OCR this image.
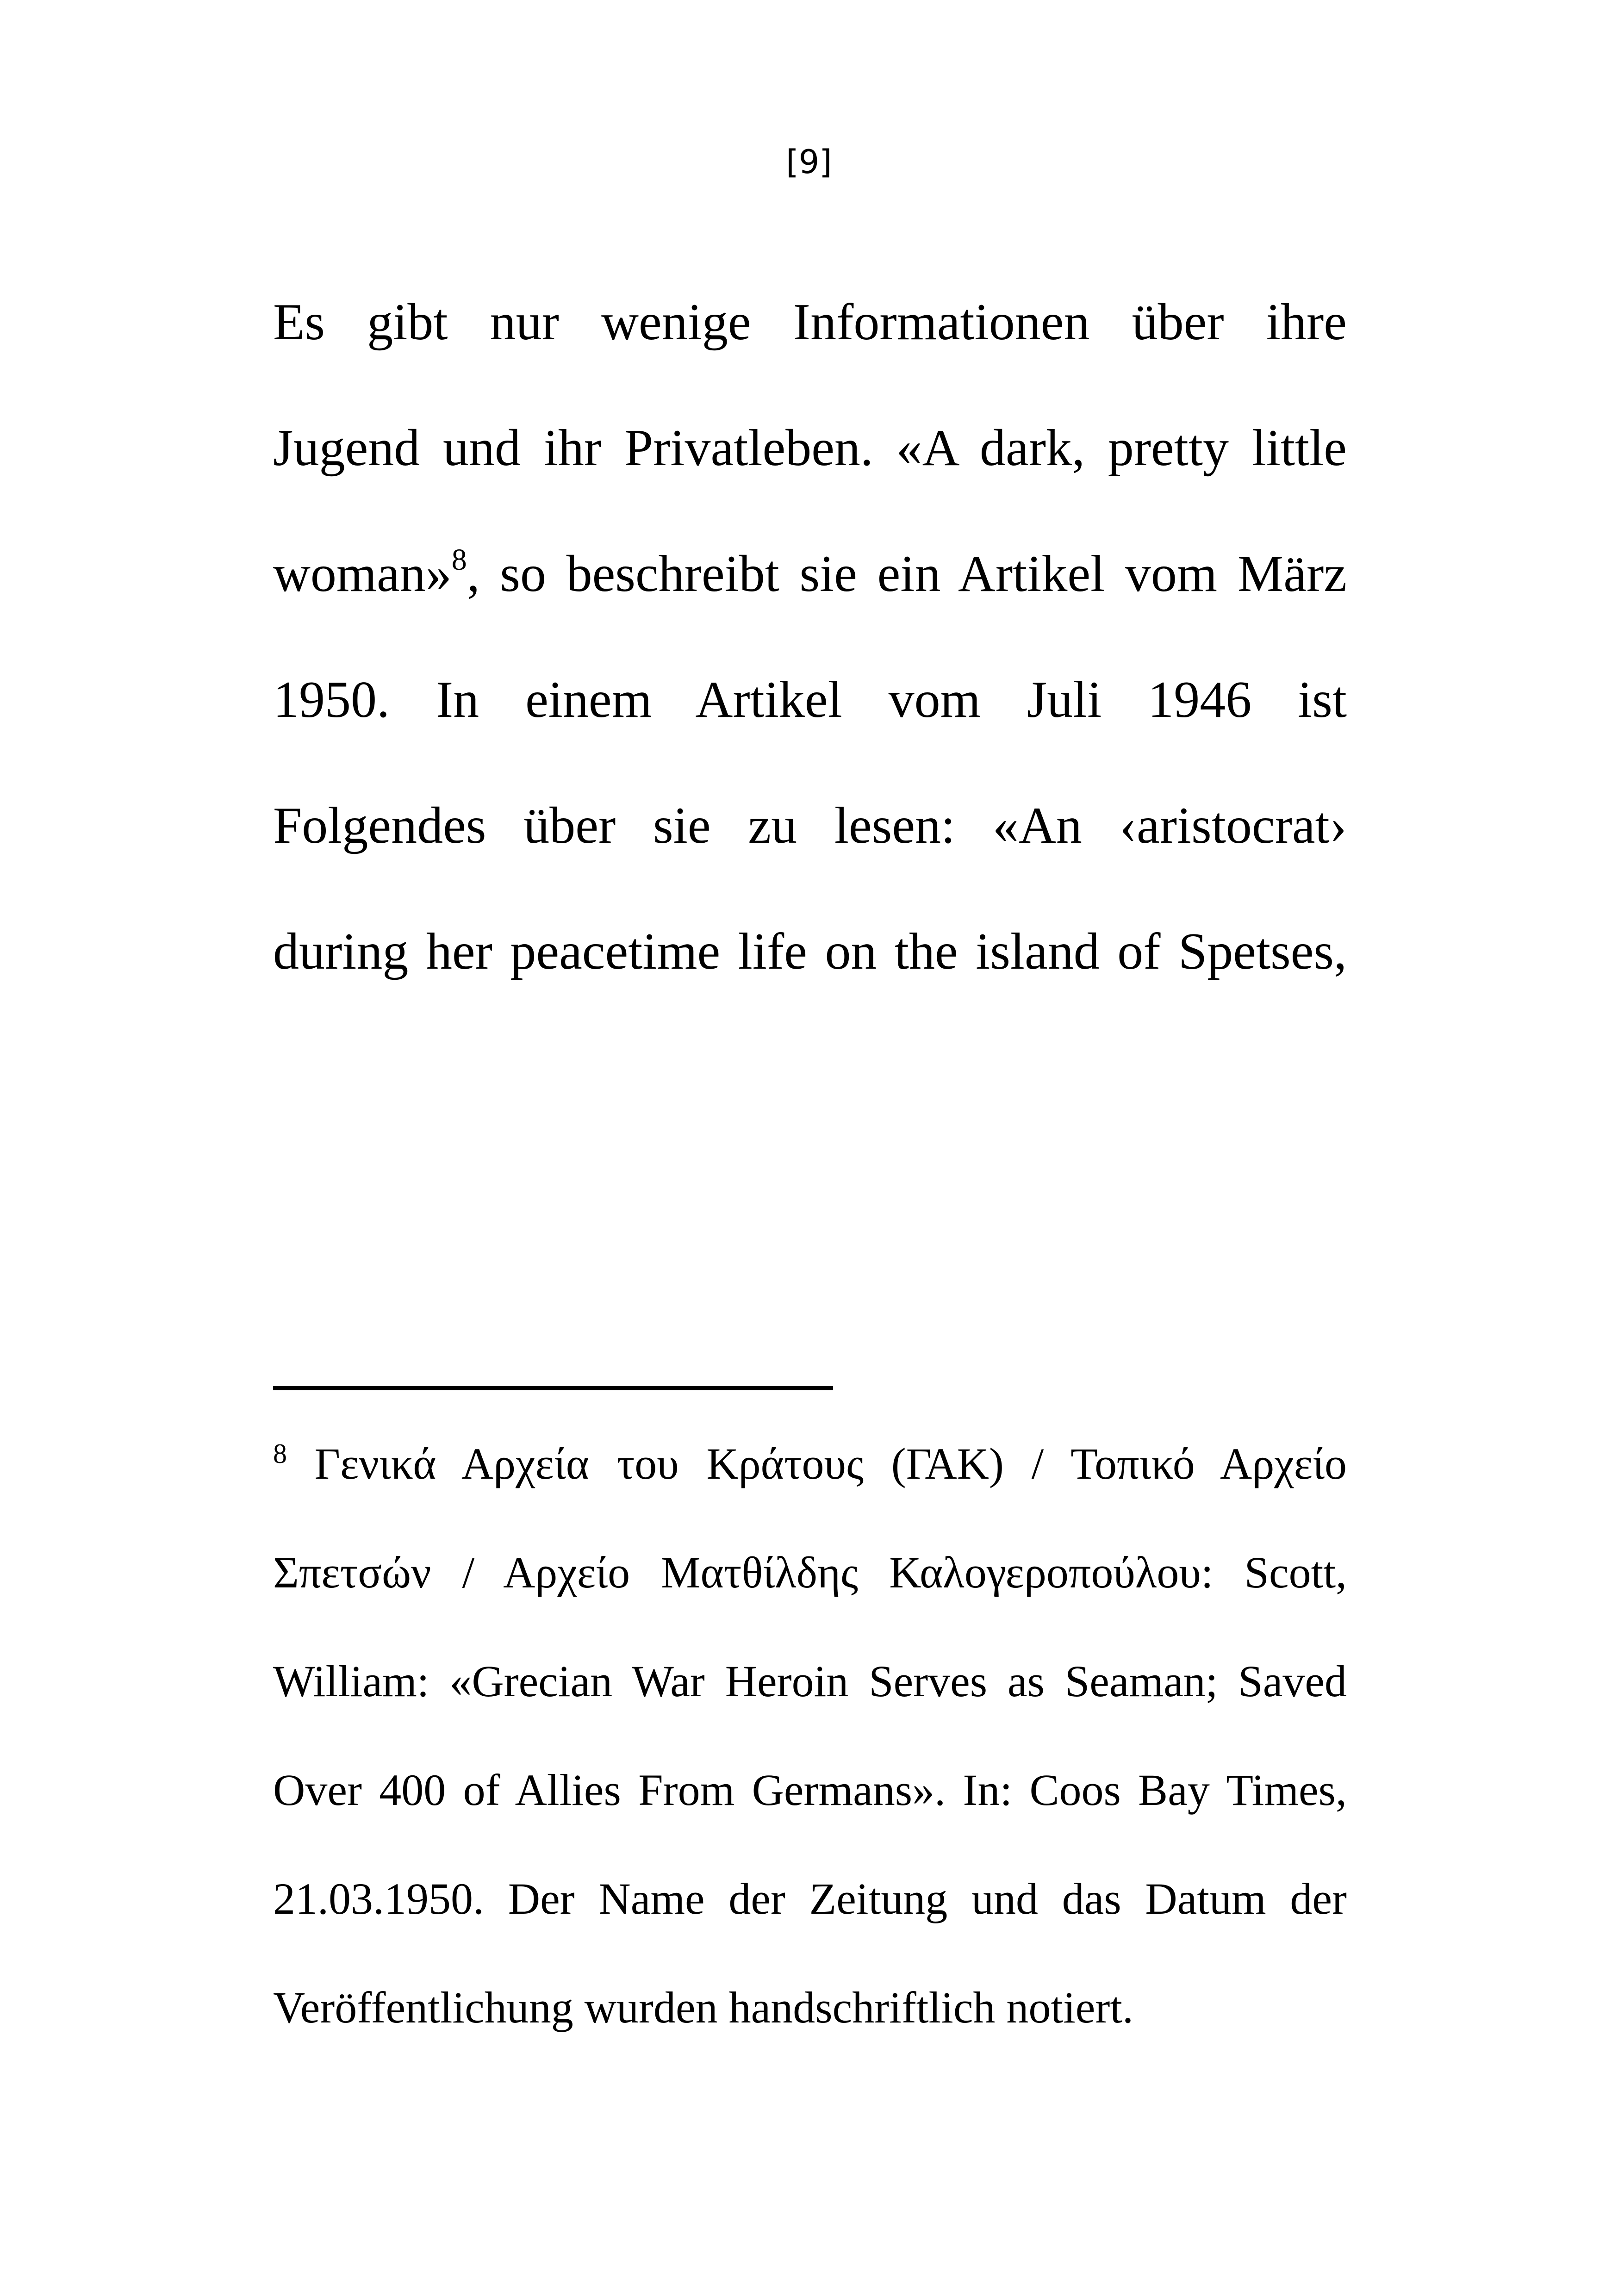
[9]
Es gibt nur wenige Informationen über ihre
Jugend und ihr Privatleben. «A dark, pretty little
woman»$^8$, so beschreibt sie ein Artikel vom März
1950. In einem Artikel vom Juli 1946 ist
Folgendes über sie zu lesen: «An ‹aristocrat›
during her peacetime life on the island of Spetses,
$^8$ Γενικά Αρχεία του Κράτους (ΓΑΚ) / Τοπικό Αρχείο
Σπετσών / Αρχείο Ματθίλδης Καλογεροπούλου: Scott,
William: «Grecian War Heroin Serves as Seaman; Saved
Over 400 of Allies From Germans». In: Coos Bay Times,
21.03.1950. Der Name der Zeitung und das Datum der
Veröffentlichung wurden handschriftlich notiert.
